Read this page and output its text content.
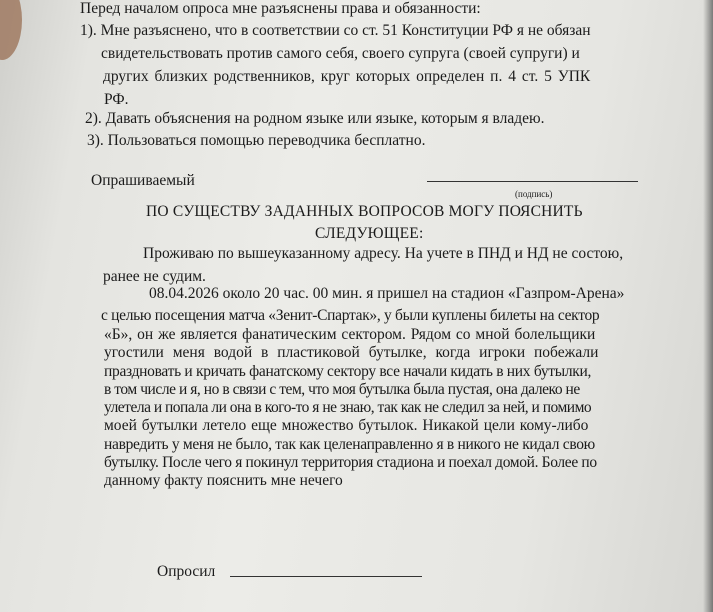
Перед началом опроса мне разъяснены права и обязанности:

1). Мне разъяснено, что в соответствии со ст. 51 Конституции РФ я не обязан

свидетельствовать против самого себя, своего супруга (своей супруги) и

других близких родственников, круг которых определен п. 4 ст. 5 УПК

РФ.

2). Давать объяснения на родном языке или языке, которым я владею.

3). Пользоваться помощью переводчика бесплатно.

Опрашиваемый

(подпись)

ПО СУЩЕСТВУ ЗАДАННЫХ ВОПРОСОВ МОГУ ПОЯСНИТЬ

СЛЕДУЮЩЕЕ:

Проживаю по вышеуказанному адресу. На учете в ПНД и НД не состою,

ранее не судим.

08.04.2026 около 20 час. 00 мин. я пришел на стадион «Газпром-Арена»

с целью посещения матча «Зенит-Спартак», у были куплены билеты на сектор

«Б», он же является фанатическим сектором. Рядом со мной болельщики

угостили меня водой в пластиковой бутылке, когда игроки побежали

праздновать и кричать фанатскому сектору все начали кидать в них бутылки,

в том числе и я, но в связи с тем, что моя бутылка была пустая, она далеко не

улетела и попала ли она в кого-то я не знаю, так как не следил за ней, и помимо

моей бутылки летело еще множество бутылок. Никакой цели кому-либо

навредить у меня не было, так как целенаправленно я в никого не кидал свою

бутылку. После чего я покинул территория стадиона и поехал домой. Более по

данному факту пояснить мне нечего

Опросил
